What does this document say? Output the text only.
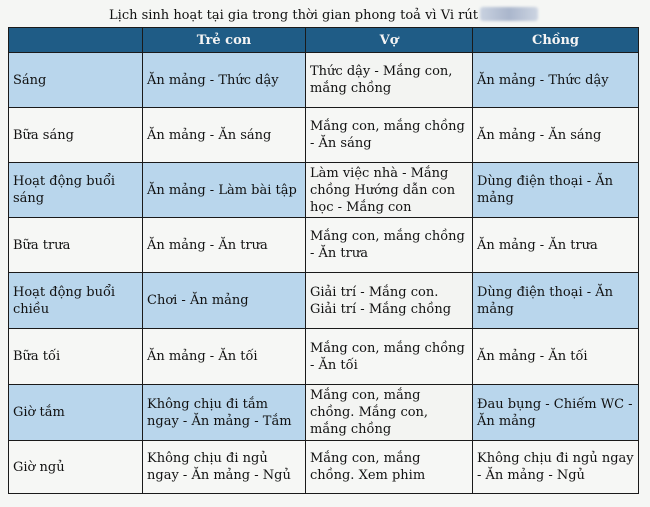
Lịch sinh hoạt tại gia trong thời gian phong toả vì Vi rút
	Trẻ con	Vợ	Chồng
Sáng	Ăn mảng - Thức dậy	Thức dậy - Mắng con, mắng chồng	Ăn mảng - Thức dậy
Bữa sáng	Ăn mảng - Ăn sáng	Mắng con, mắng chồng - Ăn sáng	Ăn mảng - Ăn sáng
Hoạt động buổi sáng	Ăn mảng - Làm bài tập	Làm việc nhà - Mắng chồng Hướng dẫn con học - Mắng con	Dùng điện thoại - Ăn mảng
Bữa trưa	Ăn mảng - Ăn trưa	Mắng con, mắng chồng - Ăn trưa	Ăn mảng - Ăn trưa
Hoạt động buổi chiều	Chơi - Ăn mảng	Giải trí - Mắng con. Giải trí - Mắng chồng	Dùng điện thoại - Ăn mảng
Bữa tối	Ăn mảng - Ăn tối	Mắng con, mắng chồng - Ăn tối	Ăn mảng - Ăn tối
Giờ tắm	Không chịu đi tắm ngay - Ăn mảng - Tắm	Mắng con, mắng chồng. Mắng con, mắng chồng	Đau bụng - Chiếm WC - Ăn mảng
Giờ ngủ	Không chịu đi ngủ ngay - Ăn mảng - Ngủ	Mắng con, mắng chồng. Xem phim	Không chịu đi ngủ ngay - Ăn mảng - Ngủ
